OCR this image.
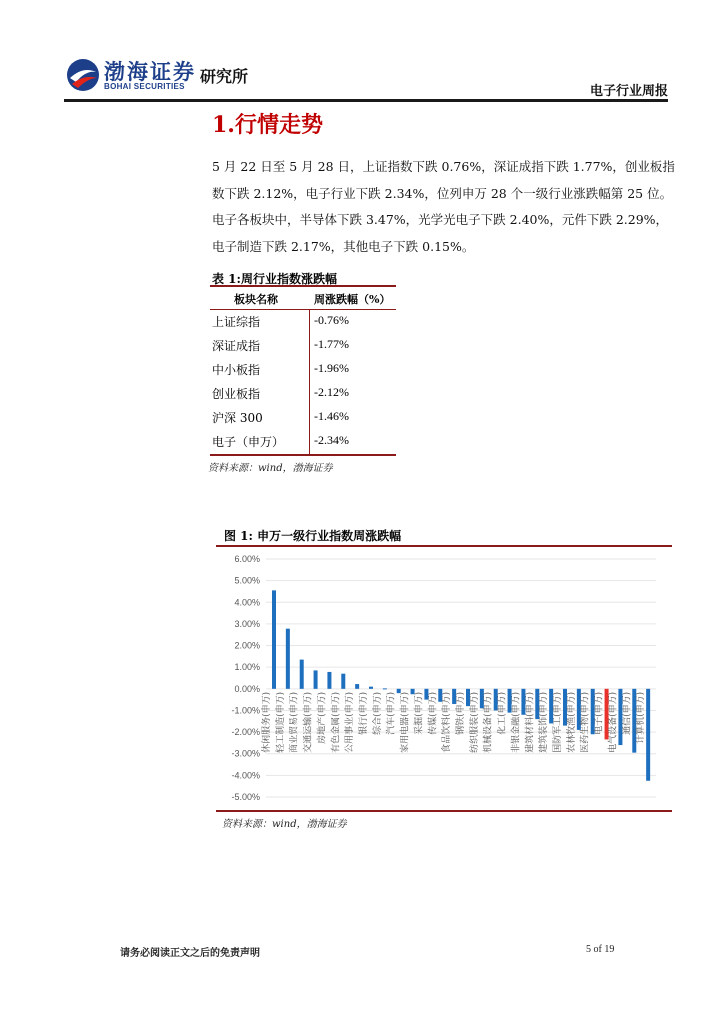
渤海证券
BOHAI SECURITIES
研究所
电子行业周报
1.行情走势
5 月 22 日至 5 月 28 日，上证指数下跌 0.76%，深证成指下跌 1.77%，创业板指
数下跌 2.12%，电子行业下跌 2.34%，位列申万 28 个一级行业涨跌幅第 25 位。
电子各板块中，半导体下跌 3.47%，光学光电子下跌 2.40%，元件下跌 2.29%，
电子制造下跌 2.17%，其他电子下跌 0.15%。
表 1:周行业指数涨跌幅
板块名称	周涨跌幅（%）
上证综指	-0.76%
深证成指	-1.77%
中小板指	-1.96%
创业板指	-2.12%
沪深 300	-1.46%
电子（申万） -2.34%
资料来源：wind，渤海证券
图 1: 申万一级行业指数周涨跌幅
6.00%
5.00%
4.00%
3.00%
2.00%
1.00%
0.00%
-1.00%
-2.00%
-3.00%
-4.00%
-5.00%
休闲服务(申万) 轻工制造(申万) 商业贸易(申万) 交通运输(申万) 房地产(申万) 有色金属(申万) 公用事业(申万) 银行(申万) 综合(申万) 汽车(申万) 家用电器(申万) 采掘(申万) 传媒(申万) 食品饮料(申万) 钢铁(申万) 纺织服装(申万) 机械设备(申万) 化工(申万) 非银金融(申万) 建筑材料(申万) 建筑装饰(申万) 国防军工(申万) 农林牧渔(申万) 医药生物(申万) 电子(申万) 电气设备(申万) 通信(申万) 计算机(申万)
资料来源：wind，渤海证券
请务必阅读正文之后的免责声明	5 of 19
